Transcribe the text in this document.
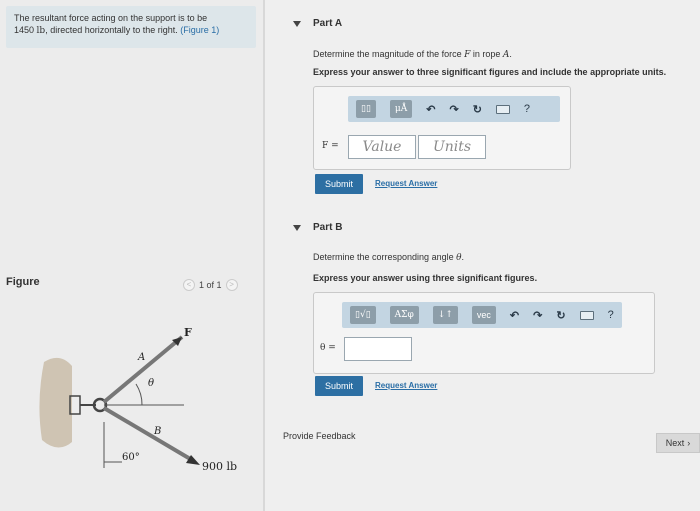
The resultant force acting on the support is to be
1450 lb, directed horizontally to the right. (Figure 1)
Figure	< 1 of 1 >
F
A
θ
B
60°
900 lb
Part A
Determine the magnitude of the force F in rope A.
Express your answer to three significant figures and include the appropriate units.
▯▯	μÅ	↶ ↷ ↻	?
F =	Value	Units
Submit	Request Answer
Part B
Determine the corresponding angle θ.
Express your answer using three significant figures.
▯√▯	ΑΣφ	↓↑	vec	↶ ↷ ↻	?
θ =
Submit	Request Answer
Provide Feedback
Next ›
